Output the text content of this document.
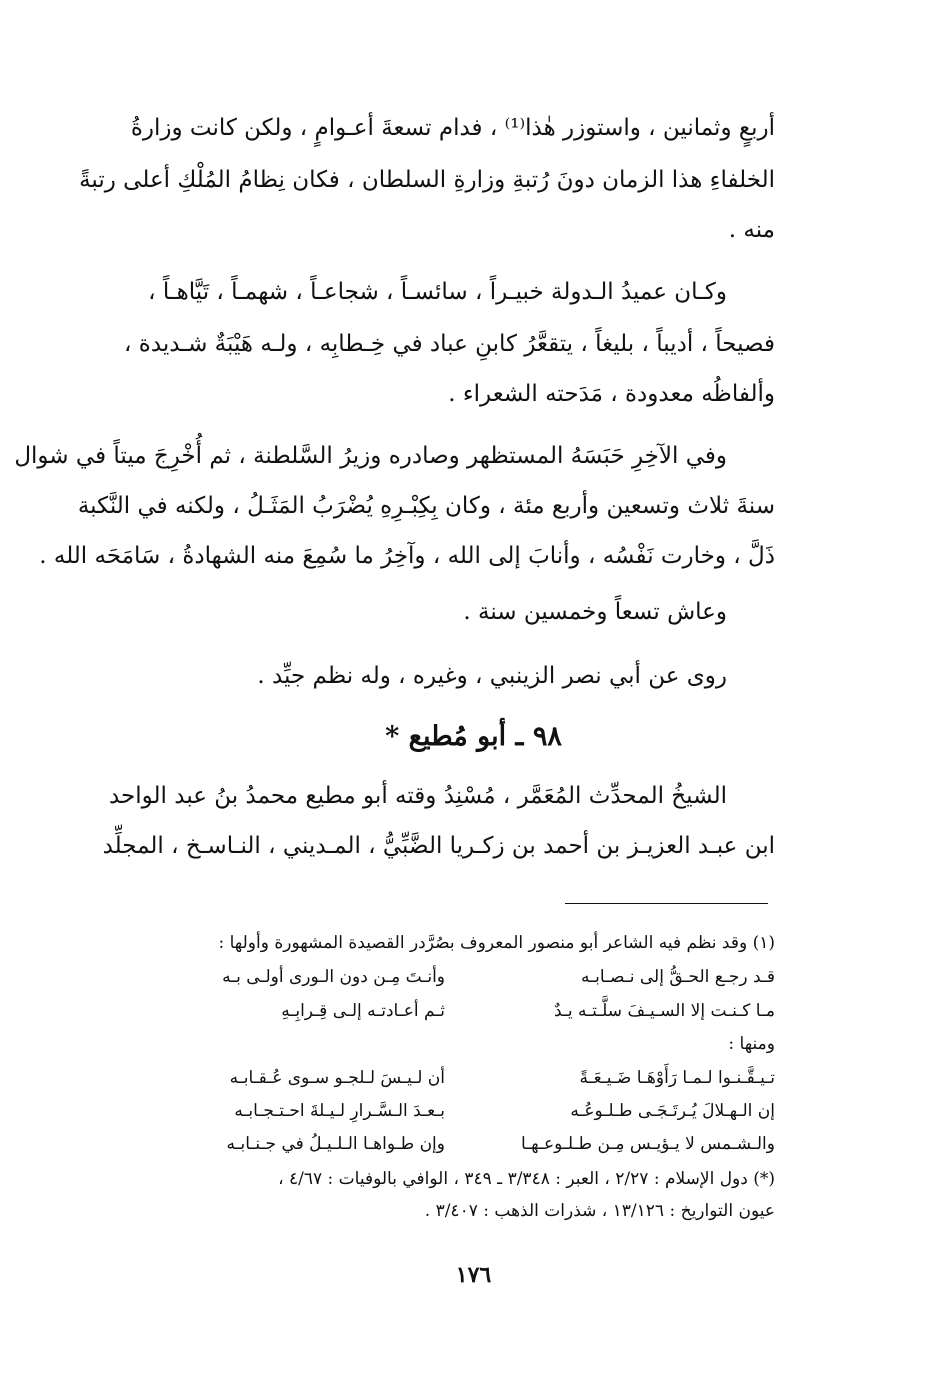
أربعٍ وثمانين ، واستوزر هٰذا⁽¹⁾ ، فدام تسعةَ أعـوامٍ ، ولكن كانت وزارةُ
الخلفاءِ هذا الزمان دونَ رُتبةِ وزارةِ السلطان ، فكان نِظامُ المُلْكِ أعلى رتبةً
منه .
وكـان عميدُ الـدولة خبيـراً ، سائسـاً ، شجاعـاً ، شهمـاً ، تَيَّاهـاً ،
فصيحاً ، أديباً ، بليغاً ، يتقعَّرُ كابنِ عباد في خِـطابِه ، ولـه هَيْبَةٌ شـديدة ،
وألفاظُه معدودة ، مَدَحته الشعراء .
وفي الآخِرِ حَبَسَهُ المستظهر وصادره وزيرُ السَّلطنة ، ثم أُخْرِجَ ميتاً في شوال
سنةَ ثلاث وتسعين وأربع مئة ، وكان بِكِبْـرِهِ يُضْرَبُ المَثَـلُ ، ولكنه في النَّكبة
ذَلَّ ، وخارت نَفْسُه ، وأنابَ إلى الله ، وآخِرُ ما سُمِعَ منه الشهادةُ ، سَامَحَه الله .
وعاش تسعاً وخمسين سنة .
روى عن أبي نصر الزينبي ، وغيره ، وله نظم جيِّد .
٩٨ ـ أبو مُطيع *
الشيخُ المحدِّث المُعَمَّر ، مُسْنِدُ وقته أبو مطيع محمدُ بنُ عبد الواحد
ابن عبـد العزيـز بن أحمد بن زكـريا الضَّبِّيُّ ، المـديني ، النـاسـخ ، المجلِّد
(١) وقد نظم فيه الشاعر أبو منصور المعروف بصُرَّدر القصيدة المشهورة وأولها :
قـد رجـع الحـقُّ إلى نـصـابـه
وأنـتَ مِـن دون الـورى أولـى بـه
مـا كـنـت إلا السـيـفَ سلَّـتـه يـدٌ
ثـم أعـادتـه إلـى قِـرابِـهِ
ومنها :
تـيـقَّـنـوا لـمـا رَأَوْهَـا ضَـيـعَـةً
أن لـيـسَ لـلجـو سـوى عُـقـابـه
إن الـهـلالَ يُـرتَـجَـى طـلـوعُـه
بـعـدَ الـسَّـرارِ لـيـلةَ احـتـجـابـه
والـشـمس لا يـؤيـس مِـن طـلـوعـهـا
وإن طـواهـا الـلـيـلُ في جـنـابـه
(*) دول الإسلام : ٢/٢٧ ، العبر : ٣/٣٤٨ ـ ٣٤٩ ، الوافي بالوفيات : ٤/٦٧ ،
عيون التواريخ : ١٣/١٢٦ ، شذرات الذهب : ٣/٤٠٧ .
١٧٦
